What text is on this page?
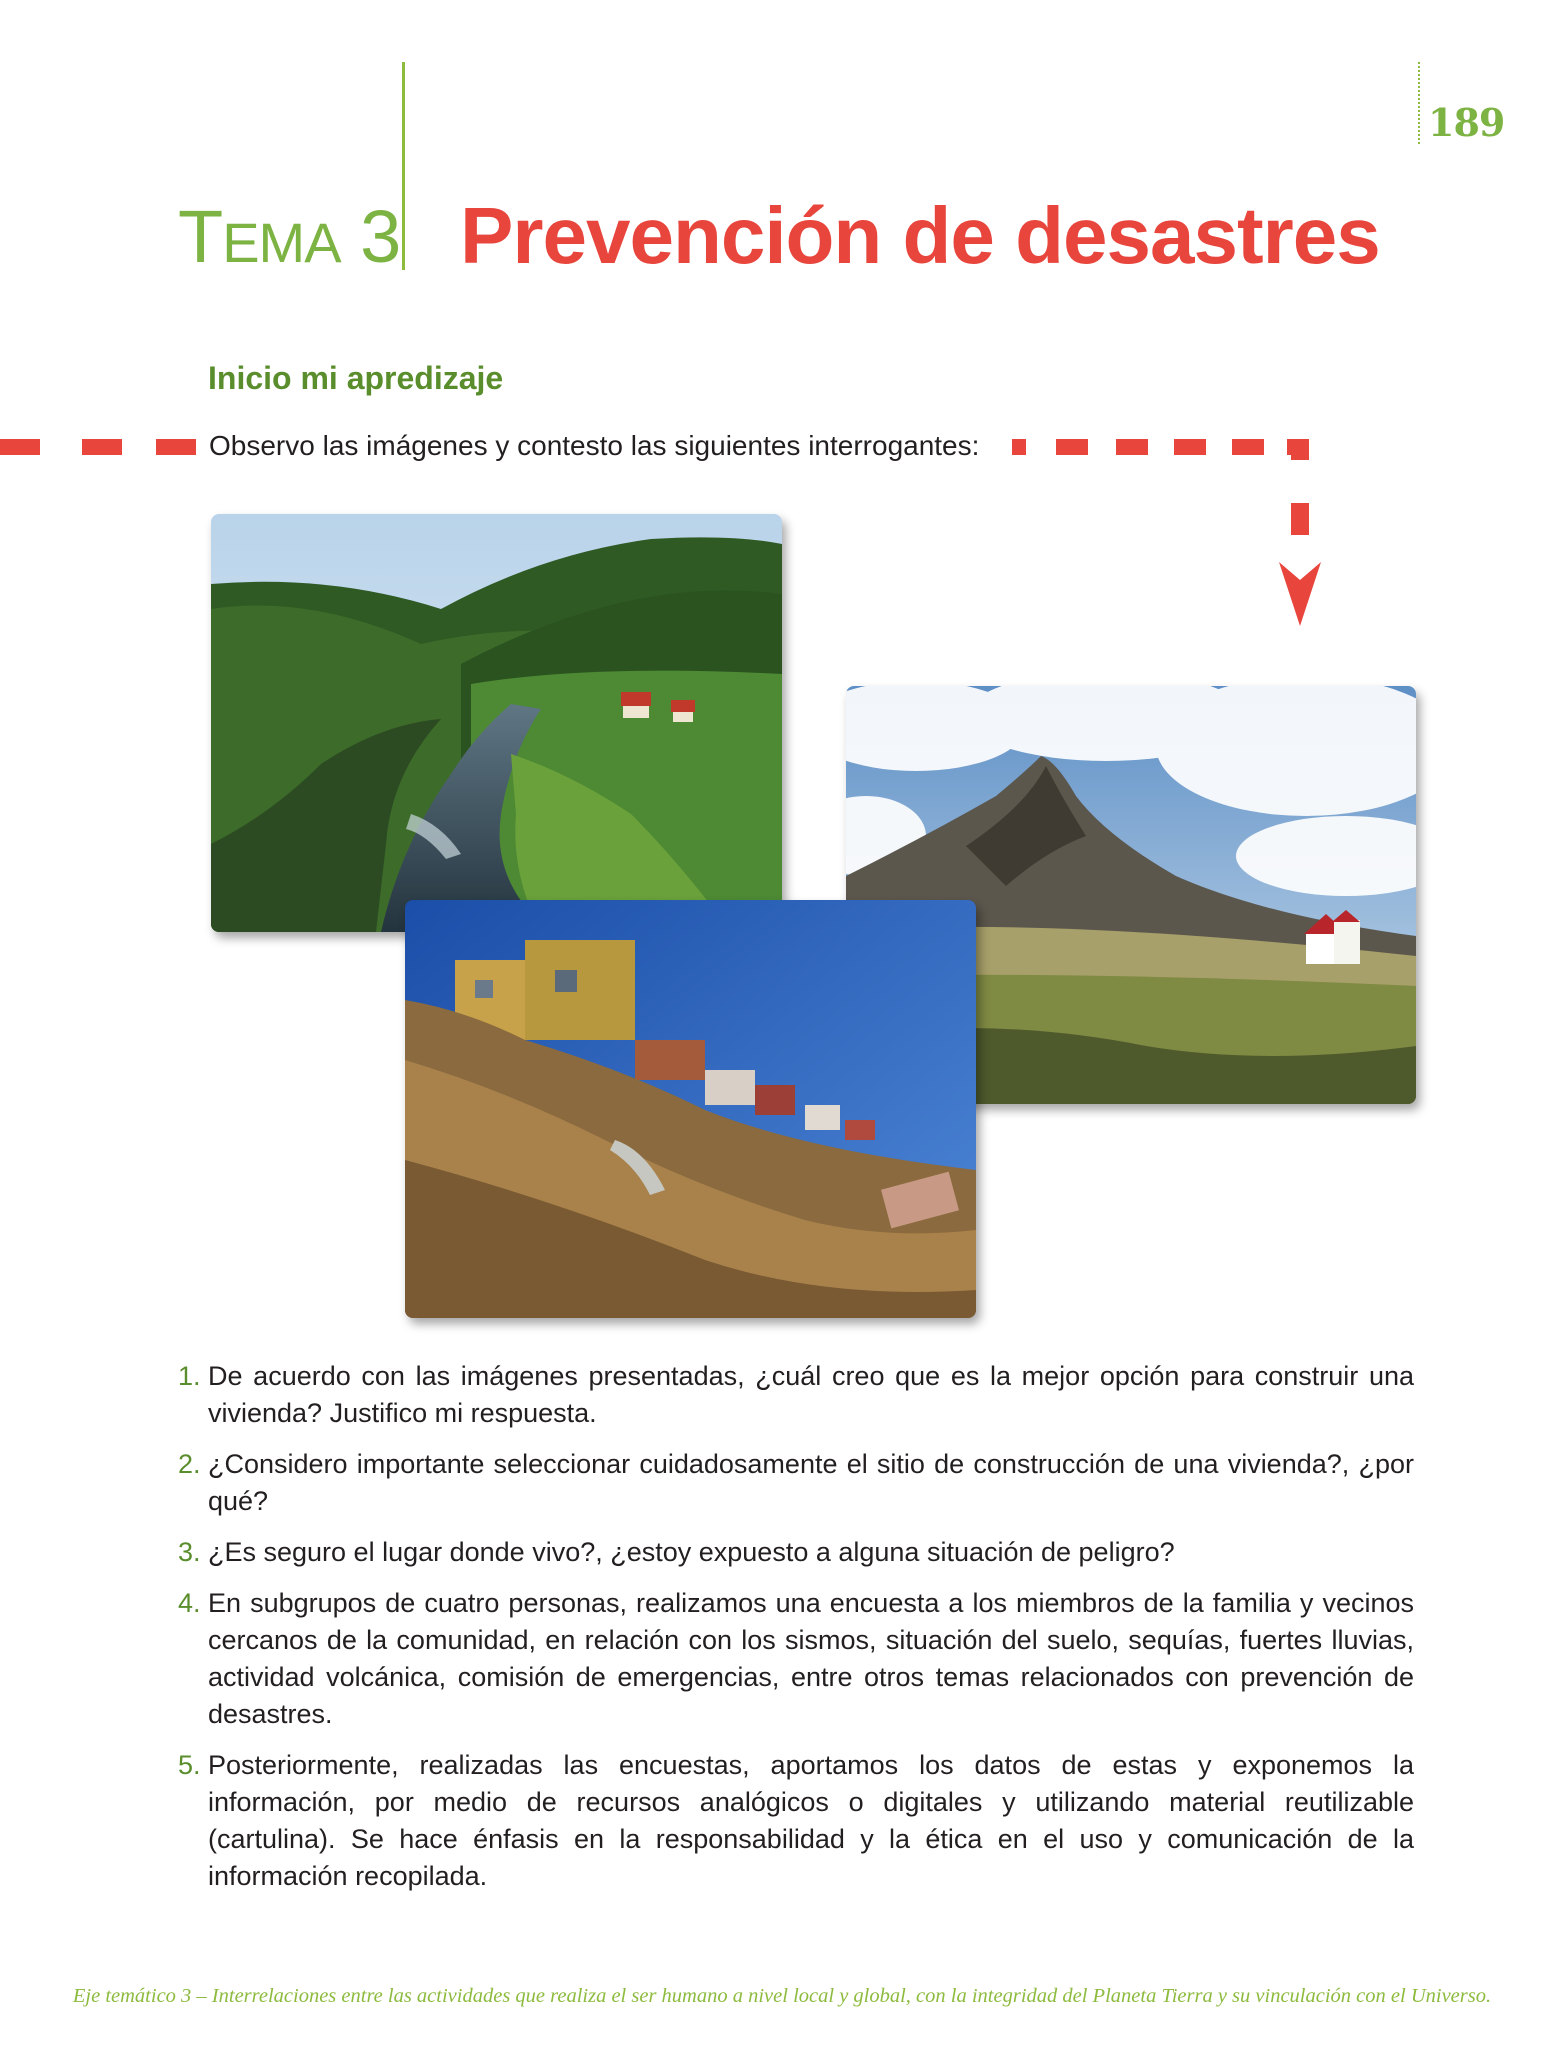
189
TEMA 3 Prevención de desastres
Inicio mi apredizaje
Observo las imágenes y contesto las siguientes interrogantes:
1. De acuerdo con las imágenes presentadas, ¿cuál creo que es la mejor opción para construir una vivienda? Justifico mi respuesta.
2. ¿Considero importante seleccionar cuidadosamente el sitio de construcción de una vivienda?, ¿por qué?
3. ¿Es seguro el lugar donde vivo?, ¿estoy expuesto a alguna situación de peligro?
4. En subgrupos de cuatro personas, realizamos una encuesta a los miembros de la familia y vecinos cercanos de la comunidad, en relación con los sismos, situación del suelo, sequías, fuertes lluvias, actividad volcánica, comisión de emergencias, entre otros temas relacionados con prevención de desastres.
5. Posteriormente, realizadas las encuestas, aportamos los datos de estas y exponemos la información, por medio de recursos analógicos o digitales y utilizando material reutilizable (cartulina). Se hace énfasis en la responsabilidad y la ética en el uso y comunicación de la información recopilada.
Eje temático 3 – Interrelaciones entre las actividades que realiza el ser humano a nivel local y global, con la integridad del Planeta Tierra y su vinculación con el Universo.
